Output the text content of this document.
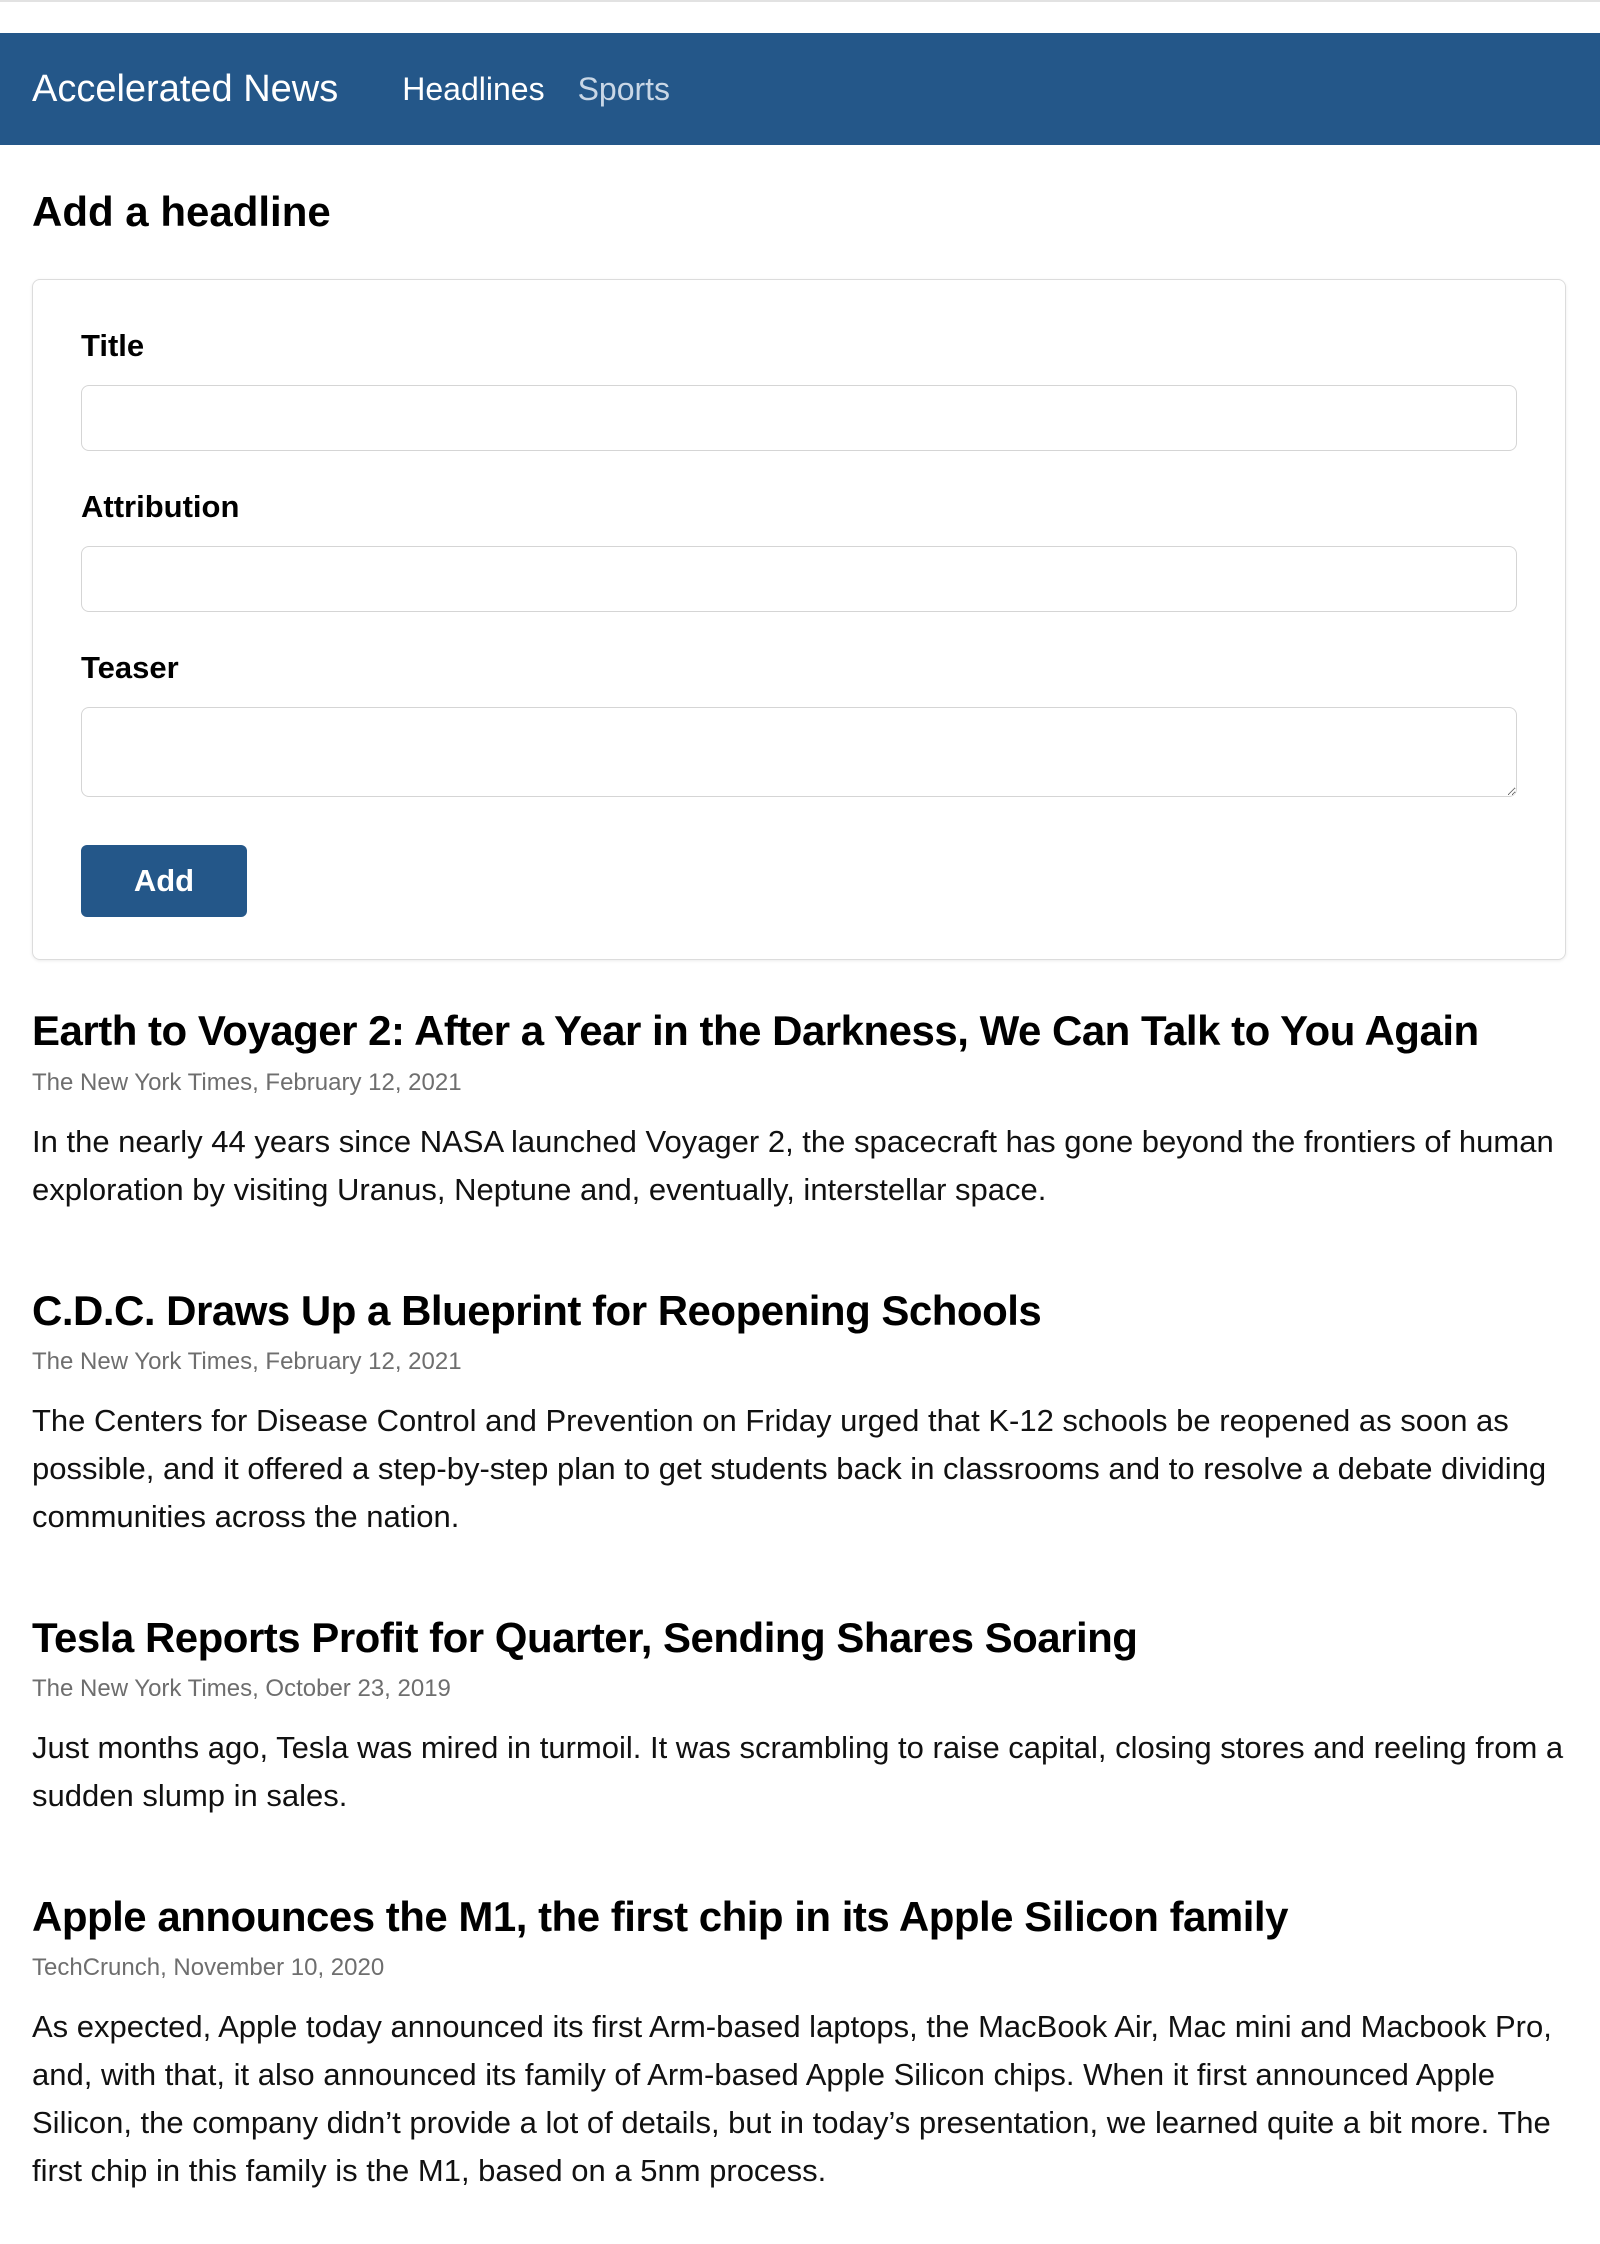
Accelerated News Headlines Sports
Add a headline
Title
Attribution
Teaser
Add
Earth to Voyager 2: After a Year in the Darkness, We Can Talk to You Again
The New York Times, February 12, 2021
In the nearly 44 years since NASA launched Voyager 2, the spacecraft has gone beyond the frontiers of human exploration by visiting Uranus, Neptune and, eventually, interstellar space.
C.D.C. Draws Up a Blueprint for Reopening Schools
The New York Times, February 12, 2021
The Centers for Disease Control and Prevention on Friday urged that K-12 schools be reopened as soon as possible, and it offered a step-by-step plan to get students back in classrooms and to resolve a debate dividing communities across the nation.
Tesla Reports Profit for Quarter, Sending Shares Soaring
The New York Times, October 23, 2019
Just months ago, Tesla was mired in turmoil. It was scrambling to raise capital, closing stores and reeling from a sudden slump in sales.
Apple announces the M1, the first chip in its Apple Silicon family
TechCrunch, November 10, 2020
As expected, Apple today announced its first Arm-based laptops, the MacBook Air, Mac mini and Macbook Pro, and, with that, it also announced its family of Arm-based Apple Silicon chips. When it first announced Apple Silicon, the company didn’t provide a lot of details, but in today’s presentation, we learned quite a bit more. The first chip in this family is the M1, based on a 5nm process.
